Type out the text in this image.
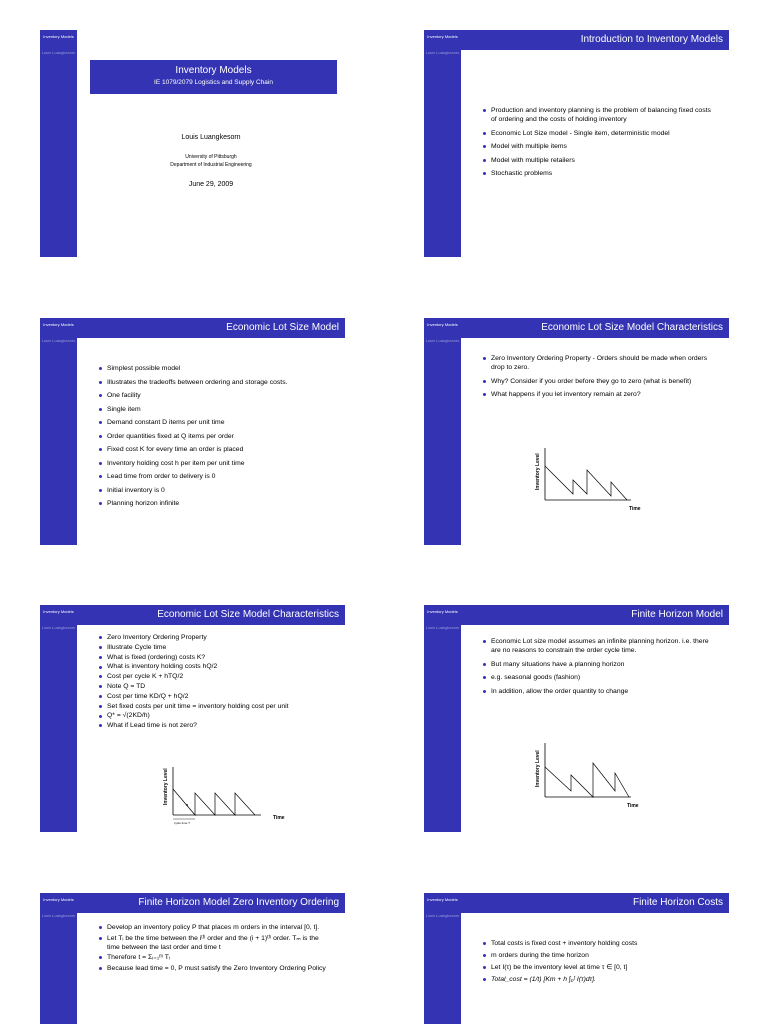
Inventory Models
Louis Luangkesorn
Inventory Models
IE 1079/2079 Logistics and Supply Chain
Louis Luangkesorn
University of Pittsburgh
Department of Industrial Engineering
June 29, 2009
Inventory Models
Louis Luangkesorn
Introduction to Inventory Models
Production and inventory planning is the problem of balancing fixed costs of ordering and the costs of holding inventory
Economic Lot Size model - Single item, deterministic model
Model with multiple items
Model with multiple retailers
Stochastic problems
Inventory Models
Louis Luangkesorn
Economic Lot Size Model
Simplest possible model
Illustrates the tradeoffs between ordering and storage costs.
One facility
Single item
Demand constant D items per unit time
Order quantities fixed at Q items per order
Fixed cost K for every time an order is placed
Inventory holding cost h per item per unit time
Lead time from order to delivery is 0
Initial inventory is 0
Planning horizon infinite
Inventory Models
Louis Luangkesorn
Economic Lot Size Model Characteristics
Zero Inventory Ordering Property - Orders should be made when orders drop to zero.
Why? Consider if you order before they go to zero (what is benefit)
What happens if you let inventory remain at zero?
Inventory Level
Time
Inventory Models
Louis Luangkesorn
Economic Lot Size Model Characteristics
Zero Inventory Ordering Property
Illustrate Cycle time
What is fixed (ordering) costs K?
What is inventory holding costs hQ/2
Cost per cycle K + hTQ/2
Note Q = TD
Cost per time KD/Q + hQ/2
Set fixed costs per unit time = inventory holding cost per unit
Q* = √(2KD/h)
What if Lead time is not zero?
cycle time T
Inventory Level
Time
Inventory Models
Louis Luangkesorn
Finite Horizon Model
Economic Lot size model assumes an infinite planning horizon. i.e. there are no reasons to constrain the order cycle time.
But many situations have a planning horizon
e.g. seasonal goods (fashion)
In addition, allow the order quantity to change
Inventory Level
Time
Inventory Models
Louis Luangkesorn
Finite Horizon Model Zero Inventory Ordering
Develop an inventory policy P that places m orders in the interval [0, t].
Let Tᵢ be the time between the iᵗʰ order and the (i + 1)ᵗʰ order. Tₘ is the time between the last order and time t
Therefore t = Σᵢ₌₁ᵐ Tᵢ
Because lead time = 0, P must satisfy the Zero Inventory Ordering Policy
Inventory Models
Louis Luangkesorn
Finite Horizon Costs
Total costs is fixed cost + inventory holding costs
m orders during the time horizon
Let I(τ) be the inventory level at time τ ∈ [0, t]
Total_cost = (1/t) [Km + h ∫₀ᵗ I(τ)dτ].
